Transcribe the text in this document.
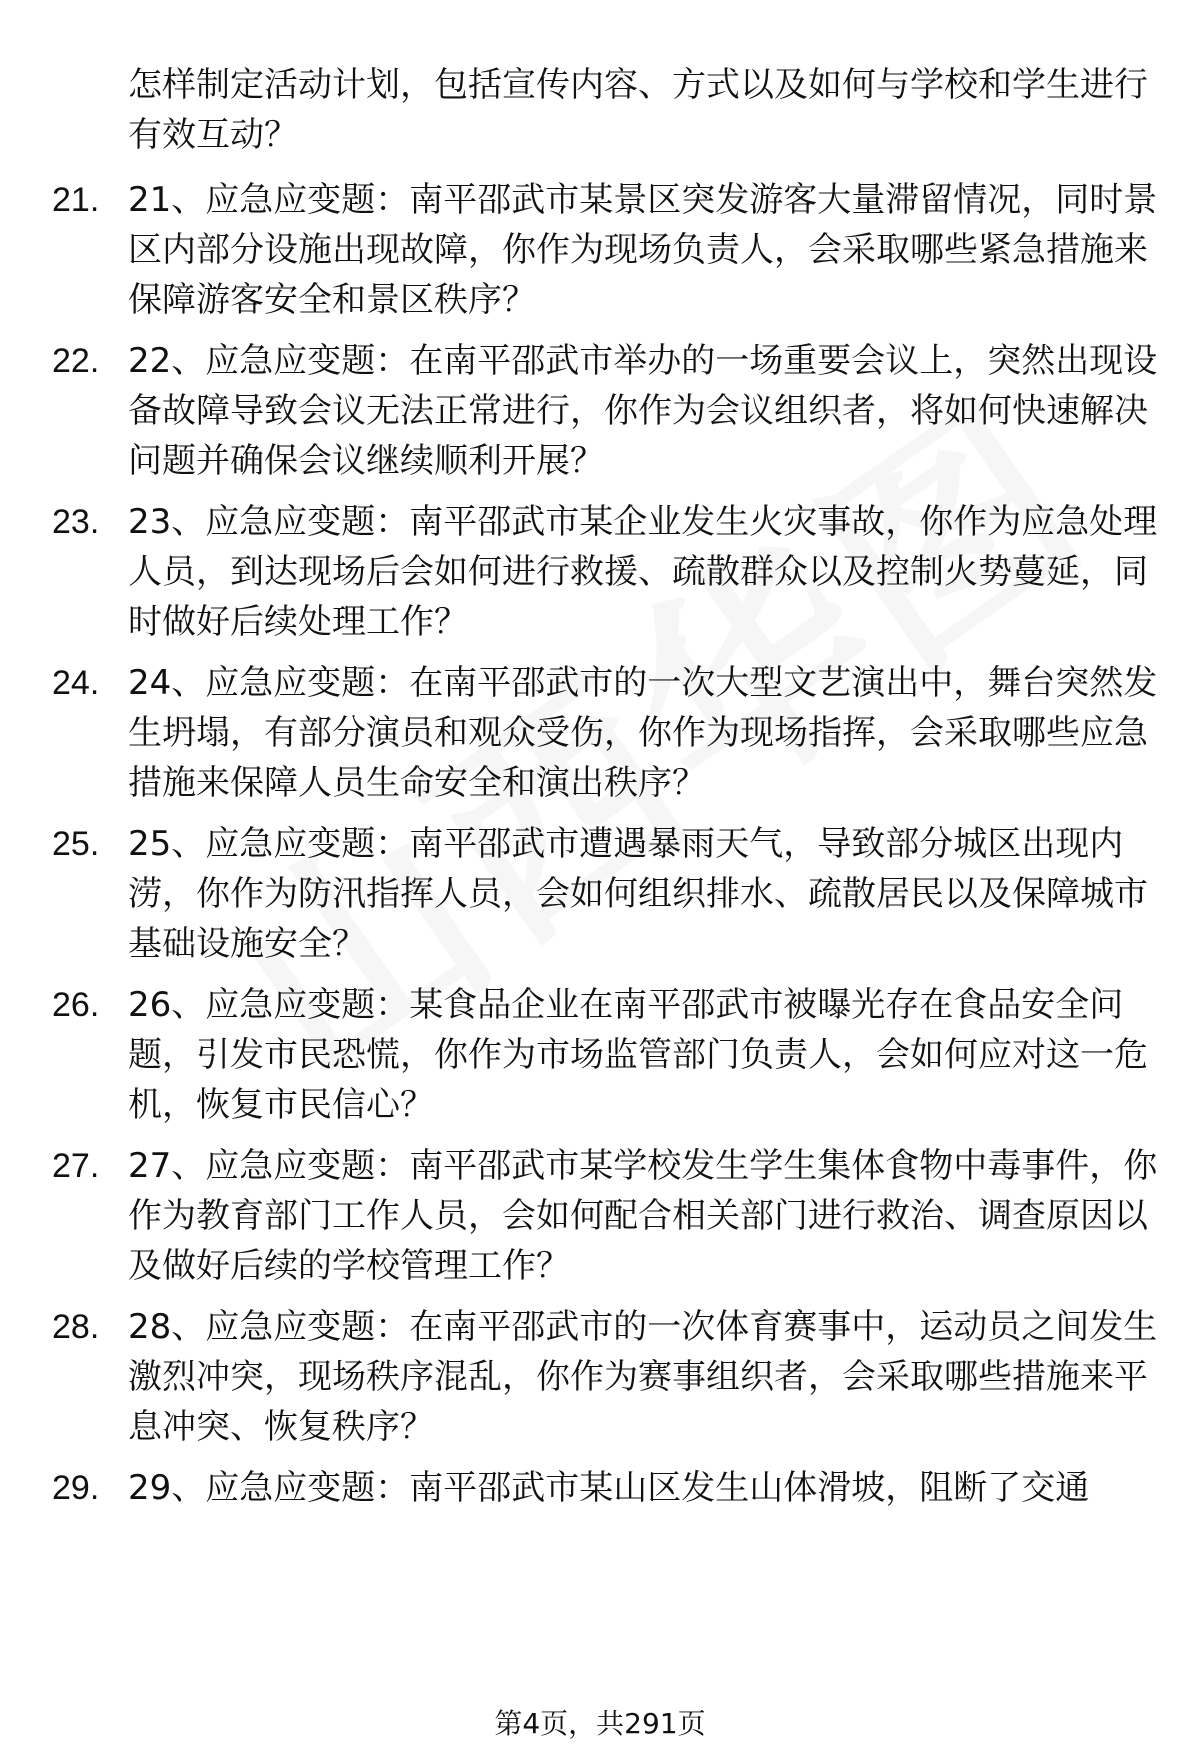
怎样制定活动计划，包括宣传内容、方式以及如何与学校和学生进行有效互动？

21. 21、应急应变题：南平邵武市某景区突发游客大量滞留情况，同时景区内部分设施出现故障，你作为现场负责人，会采取哪些紧急措施来保障游客安全和景区秩序？

22. 22、应急应变题：在南平邵武市举办的一场重要会议上，突然出现设备故障导致会议无法正常进行，你作为会议组织者，将如何快速解决问题并确保会议继续顺利开展？

23. 23、应急应变题：南平邵武市某企业发生火灾事故，你作为应急处理人员，到达现场后会如何进行救援、疏散群众以及控制火势蔓延，同时做好后续处理工作？

24. 24、应急应变题：在南平邵武市的一次大型文艺演出中，舞台突然发生坍塌，有部分演员和观众受伤，你作为现场指挥，会采取哪些应急措施来保障人员生命安全和演出秩序？

25. 25、应急应变题：南平邵武市遭遇暴雨天气，导致部分城区出现内涝，你作为防汛指挥人员，会如何组织排水、疏散居民以及保障城市基础设施安全？

26. 26、应急应变题：某食品企业在南平邵武市被曝光存在食品安全问题，引发市民恐慌，你作为市场监管部门负责人，会如何应对这一危机，恢复市民信心？

27. 27、应急应变题：南平邵武市某学校发生学生集体食物中毒事件，你作为教育部门工作人员，会如何配合相关部门进行救治、调查原因以及做好后续的学校管理工作？

28. 28、应急应变题：在南平邵武市的一次体育赛事中，运动员之间发生激烈冲突，现场秩序混乱，你作为赛事组织者，会采取哪些措施来平息冲突、恢复秩序？

29. 29、应急应变题：南平邵武市某山区发生山体滑坡，阻断了交通

第4页，共291页
